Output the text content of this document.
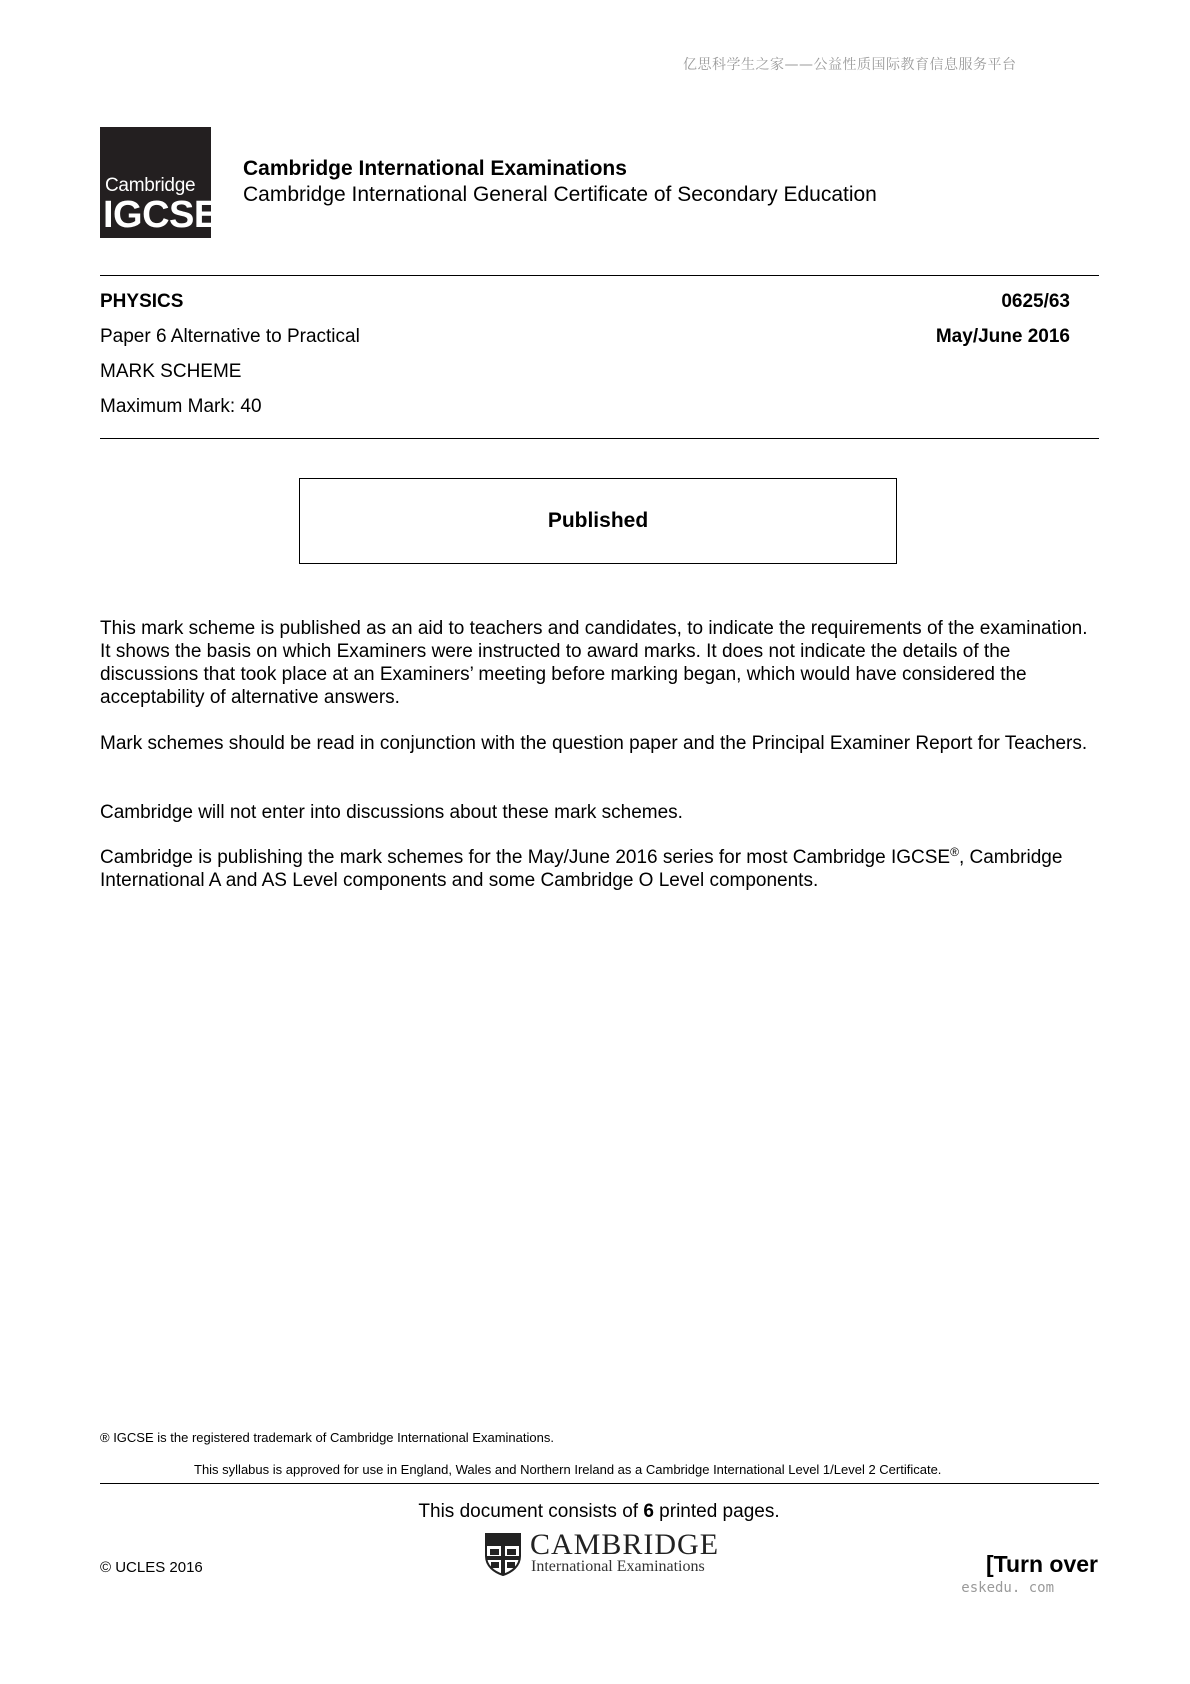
亿思科学生之家——公益性质国际教育信息服务平台
Cambridge
IGCSE
Cambridge International Examinations
Cambridge International General Certificate of Secondary Education
PHYSICS	0625/63
Paper 6 Alternative to Practical	May/June 2016
MARK SCHEME
Maximum Mark: 40
Published
This mark scheme is published as an aid to teachers and candidates, to indicate the requirements of the examination. It shows the basis on which Examiners were instructed to award marks. It does not indicate the details of the discussions that took place at an Examiners’ meeting before marking began, which would have considered the acceptability of alternative answers.
Mark schemes should be read in conjunction with the question paper and the Principal Examiner Report for Teachers.
Cambridge will not enter into discussions about these mark schemes.
Cambridge is publishing the mark schemes for the May/June 2016 series for most Cambridge IGCSE®, Cambridge International A and AS Level components and some Cambridge O Level components.
® IGCSE is the registered trademark of Cambridge International Examinations.
This syllabus is approved for use in England, Wales and Northern Ireland as a Cambridge International Level 1/Level 2 Certificate.
This document consists of 6 printed pages.
© UCLES 2016
CAMBRIDGE
International Examinations	[Turn over
eskedu. com
